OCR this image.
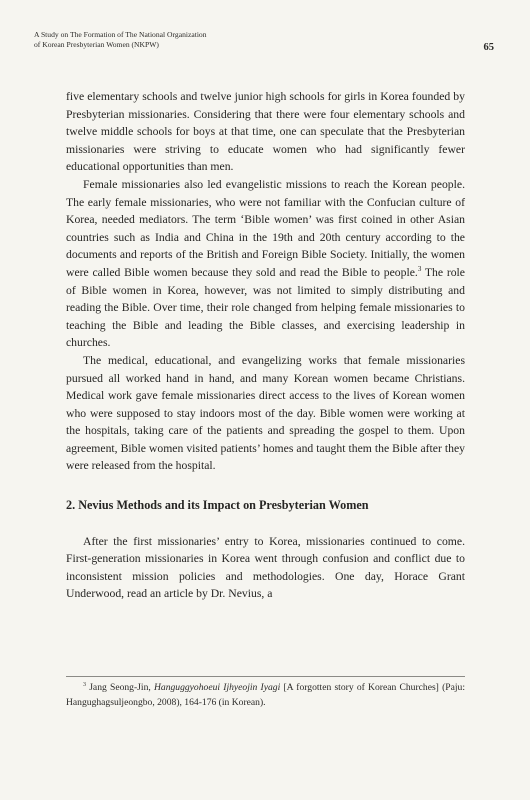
A Study on The Formation of The National Organization
of Korean Presbyterian Women (NKPW)	65

five elementary schools and twelve junior high schools for girls in Korea founded by Presbyterian missionaries. Considering that there were four elementary schools and twelve middle schools for boys at that time, one can speculate that the Presbyterian missionaries were striving to educate women who had significantly fewer educational opportunities than men.

Female missionaries also led evangelistic missions to reach the Korean people. The early female missionaries, who were not familiar with the Confucian culture of Korea, needed mediators. The term ‘Bible women’ was first coined in other Asian countries such as India and China in the 19th and 20th century according to the documents and reports of the British and Foreign Bible Society. Initially, the women were called Bible women because they sold and read the Bible to people.$^3$ The role of Bible women in Korea, however, was not limited to simply distributing and reading the Bible. Over time, their role changed from helping female missionaries to teaching the Bible and leading the Bible classes, and exercising leadership in churches.

The medical, educational, and evangelizing works that female missionaries pursued all worked hand in hand, and many Korean women became Christians. Medical work gave female missionaries direct access to the lives of Korean women who were supposed to stay indoors most of the day. Bible women were working at the hospitals, taking care of the patients and spreading the gospel to them. Upon agreement, Bible women visited patients’ homes and taught them the Bible after they were released from the hospital.

2. Nevius Methods and its Impact on Presbyterian Women

After the first missionaries’ entry to Korea, missionaries continued to come. First-generation missionaries in Korea went through confusion and conflict due to inconsistent mission policies and methodologies. One day, Horace Grant Underwood, read an article by Dr. Nevius, a

$^3$ Jang Seong-Jin, Hanguggyohoeui Ijhyeojin Iyagi [A forgotten story of Korean Churches] (Paju: Hangughagsuljeongbo, 2008), 164-176 (in Korean).
